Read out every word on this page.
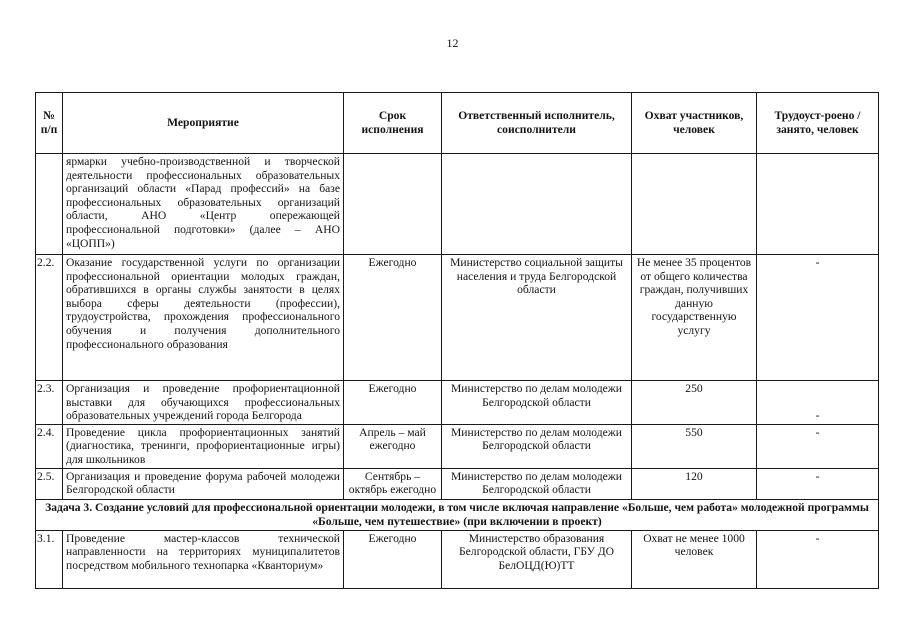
12
№ п/п	Мероприятие	Срок исполнения	Ответственный исполнитель, соисполнители	Охват участников, человек	Трудоуст-роено / занято, человек
	ярмарки учебно-производственной и творческой деятельности профессиональных образовательных организаций области «Парад профессий» на базе профессиональных образовательных организаций области, АНО «Центр опережающей профессиональной подготовки» (далее – АНО «ЦОПП»)				
2.2.	Оказание государственной услуги по организации профессиональной ориентации молодых граждан, обратившихся в органы службы занятости в целях выбора сферы деятельности (профессии), трудоустройства, прохождения профессионального обучения и получения дополнительного профессионального образования	Ежегодно	Министерство социальной защиты населения и труда Белгородской области	Не менее 35 процентов от общего количества граждан, получивших данную государственную услугу	-
2.3.	Организация и проведение профориентационной выставки для обучающихся профессиональных образовательных учреждений города Белгорода	Ежегодно	Министерство по делам молодежи Белгородской области	250	-
2.4.	Проведение цикла профориентационных занятий (диагностика, тренинги, профориентационные игры) для школьников	Апрель – май ежегодно	Министерство по делам молодежи Белгородской области	550	-
2.5.	Организация и проведение форума рабочей молодежи Белгородской области	Сентябрь – октябрь ежегодно	Министерство по делам молодежи Белгородской области	120	-
Задача 3. Создание условий для профессиональной ориентации молодежи, в том числе включая направление «Больше, чем работа» молодежной программы «Больше, чем путешествие» (при включении в проект)					
3.1.	Проведение мастер-классов технической направленности на территориях муниципалитетов посредством мобильного технопарка «Кванториум»	Ежегодно	Министерство образования Белгородской области, ГБУ ДО БелОЦД(Ю)ТТ	Охват не менее 1000 человек	-
